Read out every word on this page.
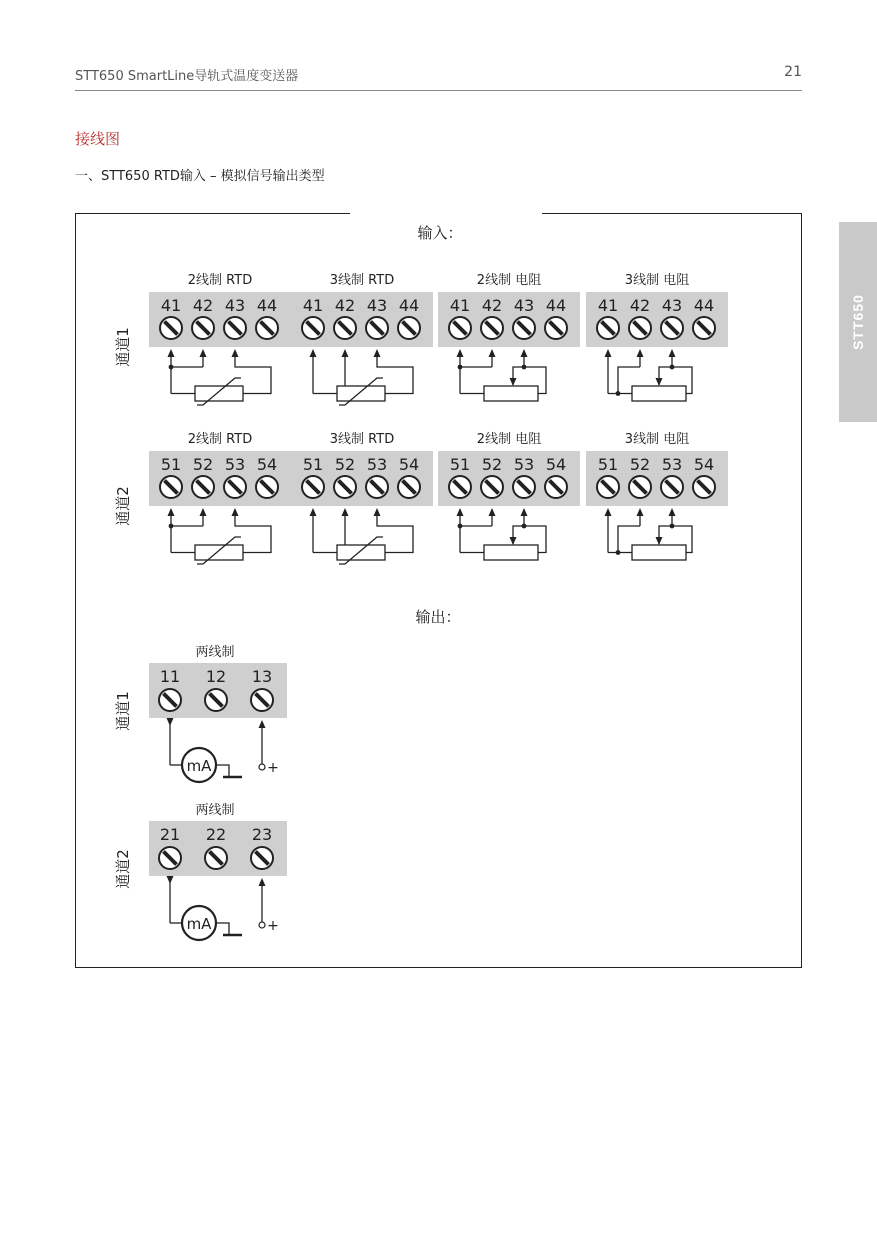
STT650 SmartLine导轨式温度变送器	21
接线图
一、STT650 RTD输入 – 模拟信号输出类型
STT650
输入：
输出：
通道1
2线制 RTD
41 42 43 44
3线制 RTD
41 42 43 44
2线制 电阻
41 42 43 44
3线制 电阻
41 42 43 44
通道2
2线制 RTD
51 52 53 54
3线制 RTD
51 52 53 54
2线制 电阻
51 52 53 54
3线制 电阻
51 52 53 54
通道1
两线制
11 12 13
mA	+
通道2
两线制
21 22 23
mA	+
